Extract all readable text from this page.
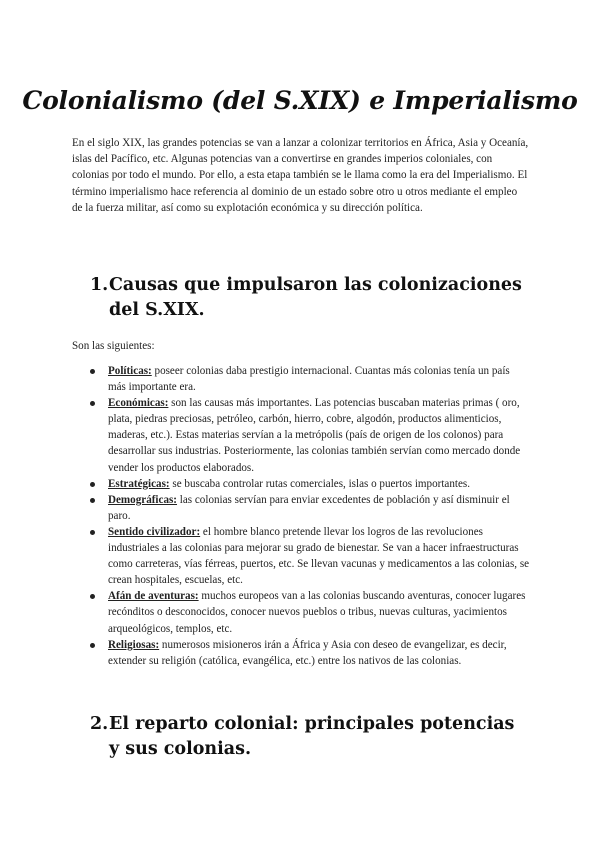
Colonialismo (del S.XIX) e Imperialismo

En el siglo XIX, las grandes potencias se van a lanzar a colonizar territorios en África, Asia y Oceanía, islas del Pacífico, etc. Algunas potencias van a convertirse en grandes imperios coloniales, con colonias por todo el mundo. Por ello, a esta etapa también se le llama como la era del Imperialismo. El término imperialismo hace referencia al dominio de un estado sobre otro u otros mediante el empleo de la fuerza militar, así como su explotación económica y su dirección política.

1. Causas que impulsaron las colonizaciones del S.XIX.

Son las siguientes:

Políticas: poseer colonias daba prestigio internacional. Cuantas más colonias tenía un país más importante era.
Económicas: son las causas más importantes. Las potencias buscaban materias primas ( oro, plata, piedras preciosas, petróleo, carbón, hierro, cobre, algodón, productos alimenticios, maderas, etc.). Estas materias servían a la metrópolis (país de origen de los colonos) para desarrollar sus industrias. Posteriormente, las colonias también servían como mercado donde vender los productos elaborados.
Estratégicas: se buscaba controlar rutas comerciales, islas o puertos importantes.
Demográficas: las colonias servían para enviar excedentes de población y así disminuir el paro.
Sentido civilizador: el hombre blanco pretende llevar los logros de las revoluciones industriales a las colonias para mejorar su grado de bienestar. Se van a hacer infraestructuras como carreteras, vías férreas, puertos, etc. Se llevan vacunas y medicamentos a las colonias, se crean hospitales, escuelas, etc.
Afán de aventuras: muchos europeos van a las colonias buscando aventuras, conocer lugares recónditos o desconocidos, conocer nuevos pueblos o tribus, nuevas culturas, yacimientos arqueológicos, templos, etc.
Religiosas: numerosos misioneros irán a África y Asia con deseo de evangelizar, es decir, extender su religión (católica, evangélica, etc.) entre los nativos de las colonias.
2. El reparto colonial: principales potencias y sus colonias.
